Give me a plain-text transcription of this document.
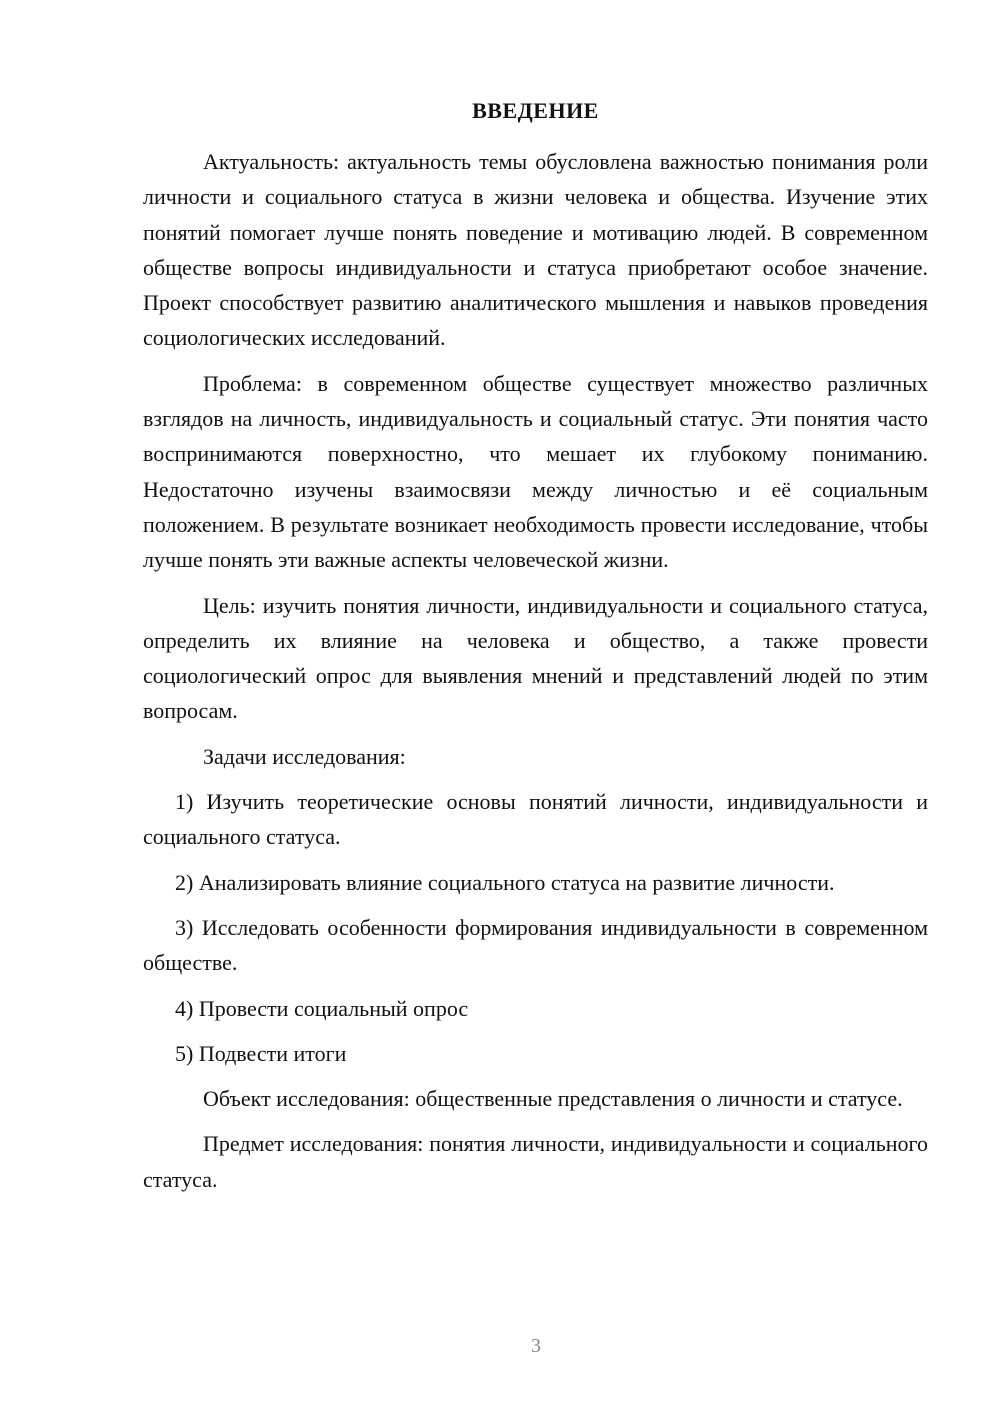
ВВЕДЕНИЕ

Актуальность: актуальность темы обусловлена важностью понимания роли личности и социального статуса в жизни человека и общества. Изучение этих понятий помогает лучше понять поведение и мотивацию людей. В современном обществе вопросы индивидуальности и статуса приобретают особое значение. Проект способствует развитию аналитического мышления и навыков проведения социологических исследований.

Проблема: в современном обществе существует множество различных взглядов на личность, индивидуальность и социальный статус. Эти понятия часто воспринимаются поверхностно, что мешает их глубокому пониманию. Недостаточно изучены взаимосвязи между личностью и её социальным положением. В результате возникает необходимость провести исследование, чтобы лучше понять эти важные аспекты человеческой жизни.

Цель: изучить понятия личности, индивидуальности и социального статуса, определить их влияние на человека и общество, а также провести социологический опрос для выявления мнений и представлений людей по этим вопросам.

Задачи исследования:

1) Изучить теоретические основы понятий личности, индивидуальности и социального статуса.

2) Анализировать влияние социального статуса на развитие личности.

3) Исследовать особенности формирования индивидуальности в современном обществе.

4) Провести социальный опрос

5) Подвести итоги

Объект исследования: общественные представления о личности и статусе.

Предмет исследования: понятия личности, индивидуальности и социального статуса.

3
